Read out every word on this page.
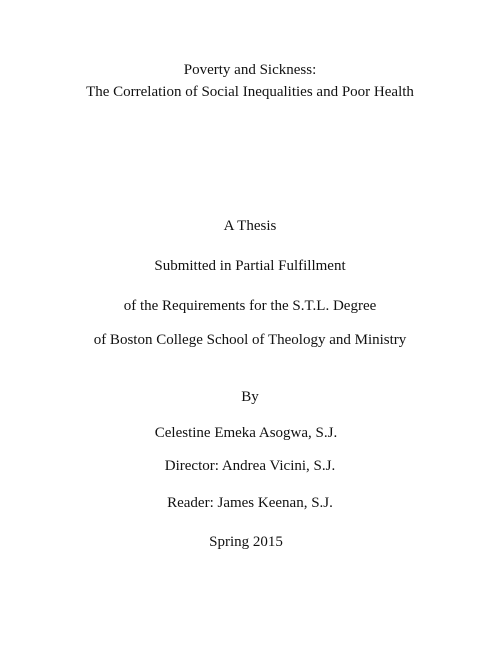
Poverty and Sickness:
The Correlation of Social Inequalities and Poor Health
A Thesis
Submitted in Partial Fulfillment
of the Requirements for the S.T.L. Degree
of Boston College School of Theology and Ministry
By
Celestine Emeka Asogwa, S.J.
Director: Andrea Vicini, S.J.
Reader: James Keenan, S.J.
Spring 2015
